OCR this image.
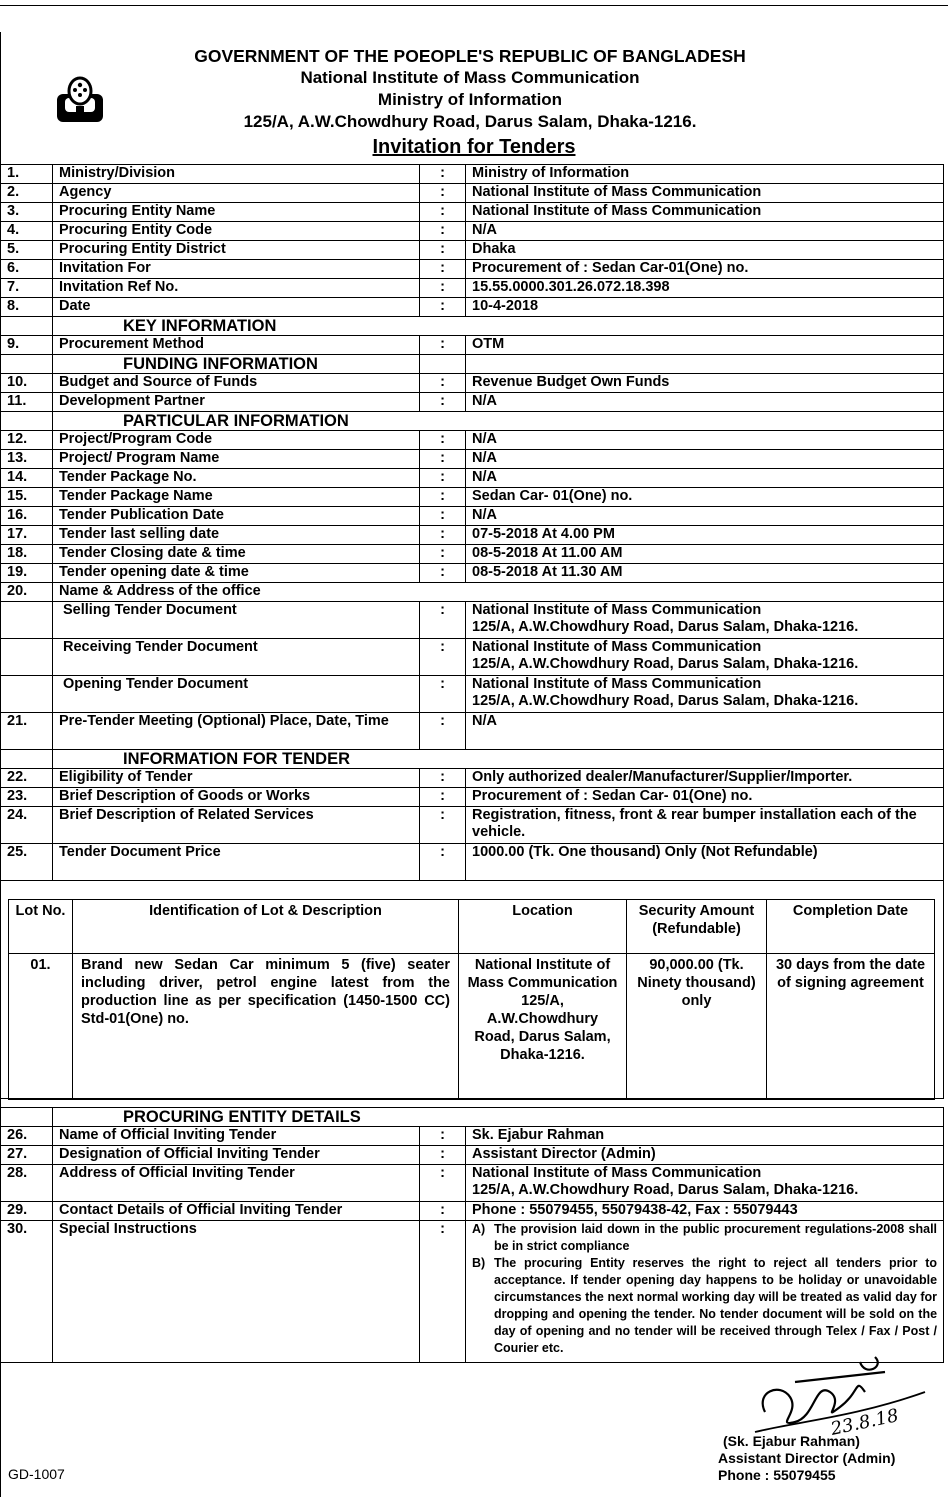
GOVERNMENT OF THE POEOPLE'S REPUBLIC OF BANGLADESH
National Institute of Mass Communication
Ministry of Information
125/A, A.W.Chowdhury Road, Darus Salam, Dhaka-1216.
Invitation for Tenders
1.	Ministry/Division	:	Ministry of Information
2.	Agency	:	National Institute of Mass Communication
3.	Procuring Entity Name	:	National Institute of Mass Communication
4.	Procuring Entity Code	:	N/A
5.	Procuring Entity District	:	Dhaka
6.	Invitation For	:	Procurement of : Sedan Car-01(One) no.
7.	Invitation Ref No.	:	15.55.0000.301.26.072.18.398
8.	Date	:	10-4-2018
	KEY INFORMATION		
9.	Procurement Method	:	OTM
	FUNDING INFORMATION		
10.	Budget and Source of Funds	:	Revenue Budget Own Funds
11.	Development Partner	:	N/A
	PARTICULAR INFORMATION		
12.	Project/Program Code	:	N/A
13.	Project/ Program Name	:	N/A
14.	Tender Package No.	:	N/A
15.	Tender Package Name	:	Sedan Car- 01(One) no.
16.	Tender Publication Date	:	N/A
17.	Tender last selling date	:	07-5-2018 At 4.00 PM
18.	Tender Closing date & time	:	08-5-2018 At 11.00 AM
19.	Tender opening date & time	:	08-5-2018 At 11.30 AM
20.	Name & Address of the office		
	Selling Tender Document	:	National Institute of Mass Communication
125/A, A.W.Chowdhury Road, Darus Salam, Dhaka-1216.

	Receiving Tender Document	:	National Institute of Mass Communication
125/A, A.W.Chowdhury Road, Darus Salam, Dhaka-1216.

	Opening Tender Document	:	National Institute of Mass Communication
125/A, A.W.Chowdhury Road, Darus Salam, Dhaka-1216.

21.	Pre-Tender Meeting (Optional) Place, Date, Time	:	N/A
	INFORMATION FOR TENDER		
22.	Eligibility of Tender	:	Only authorized dealer/Manufacturer/Supplier/Importer.
23.	Brief Description of Goods or Works	:	Procurement of : Sedan Car- 01(One) no.
24.	Brief Description of Related Services	:	Registration, fitness, front & rear bumper installation each of the vehicle.
25.	Tender Document Price	:	1000.00 (Tk. One thousand) Only (Not Refundable)

Lot No.	Identification of Lot & Description	Location	Security Amount (Refundable)	Completion Date
01.	Brand new Sedan Car minimum 5 (five) seater including driver, petrol engine latest from the production line as per specification (1450-1500 CC) Std-01(One) no.	National Institute of Mass Communication 125/A, A.W.Chowdhury Road, Darus Salam, Dhaka-1216.	90,000.00 (Tk. Ninety thousand) only	30 days from the date of signing agreement
	PROCURING ENTITY DETAILS		
26.	Name of Official Inviting Tender	:	Sk. Ejabur Rahman
27.	Designation of Official Inviting Tender	:	Assistant Director (Admin)
28.	Address of Official Inviting Tender	:	National Institute of Mass Communication
125/A, A.W.Chowdhury Road, Darus Salam, Dhaka-1216.

29.	Contact Details of Official Inviting Tender	:	Phone : 55079455, 55079438-42, Fax : 55079443
30.	Special Instructions	:	A) The provision laid down in the public procurement regulations-2008 shall be in strict compliance
B) The procuring Entity reserves the right to reject all tenders prior to acceptance. If tender opening day happens to be holiday or unavoidable circumstances the next normal working day will be treated as valid day for dropping and opening the tender. No tender document will be sold on the day of opening and no tender will be received through Telex / Fax / Post / Courier etc.
23.8.18
(Sk. Ejabur Rahman)
Assistant Director (Admin)
Phone : 55079455
GD-1007
